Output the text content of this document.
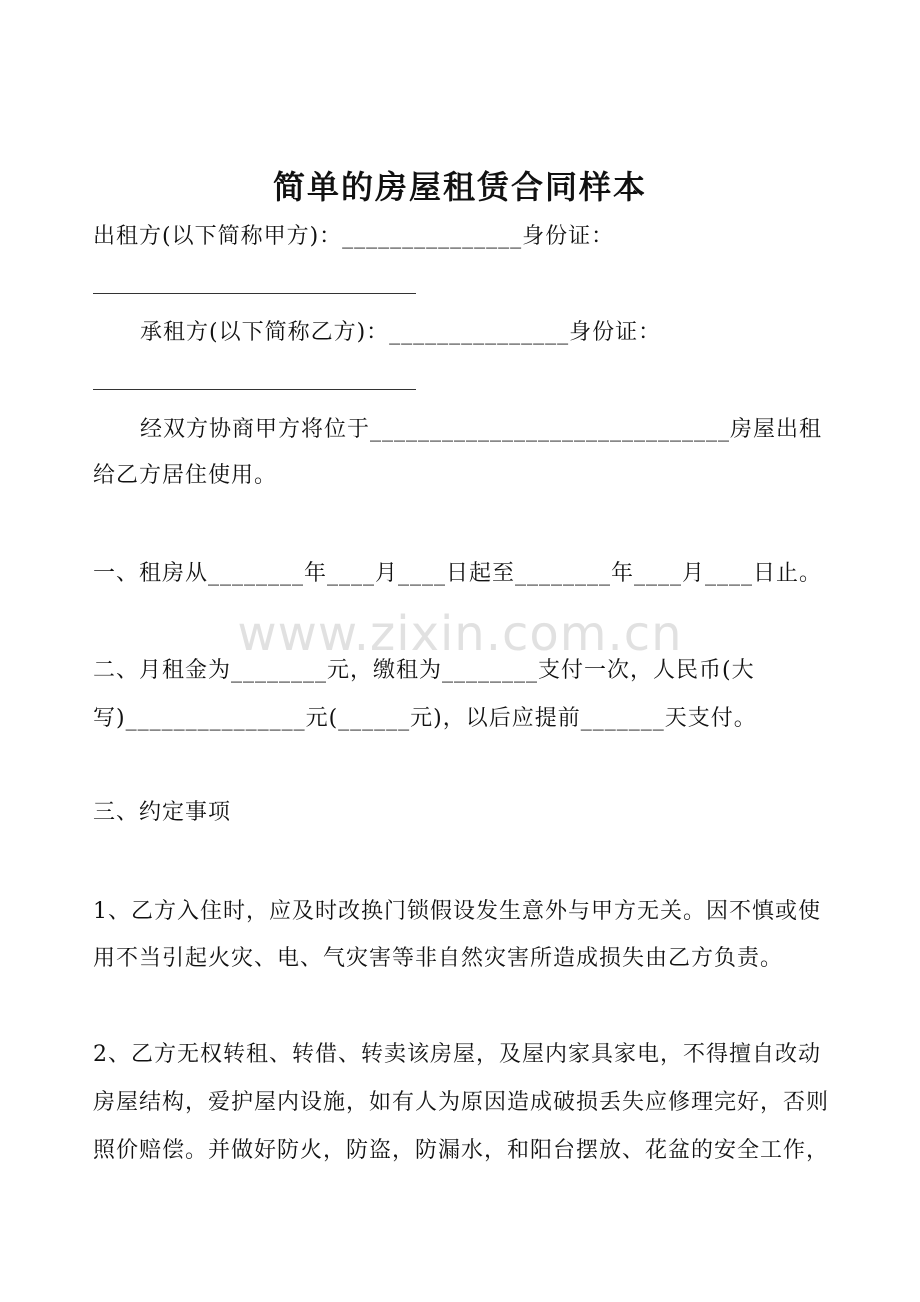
简单的房屋租赁合同样本
出租方(以下简称甲方)：_______________身份证：
承租方(以下简称乙方)：_______________身份证：
经双方协商甲方将位于______________________________房屋出租
给乙方居住使用。
一、租房从________年____月____日起至________年____月____日止。
www.zixin.com.cn
二、月租金为________元，缴租为________支付一次，人民币(大
写)_______________元(______元)，以后应提前_______天支付。
三、约定事项
1、乙方入住时，应及时改换门锁假设发生意外与甲方无关。因不慎或使
用不当引起火灾、电、气灾害等非自然灾害所造成损失由乙方负责。
2、乙方无权转租、转借、转卖该房屋，及屋内家具家电，不得擅自改动
房屋结构，爱护屋内设施，如有人为原因造成破损丢失应修理完好，否则
照价赔偿。并做好防火，防盗，防漏水，和阳台摆放、花盆的安全工作，
